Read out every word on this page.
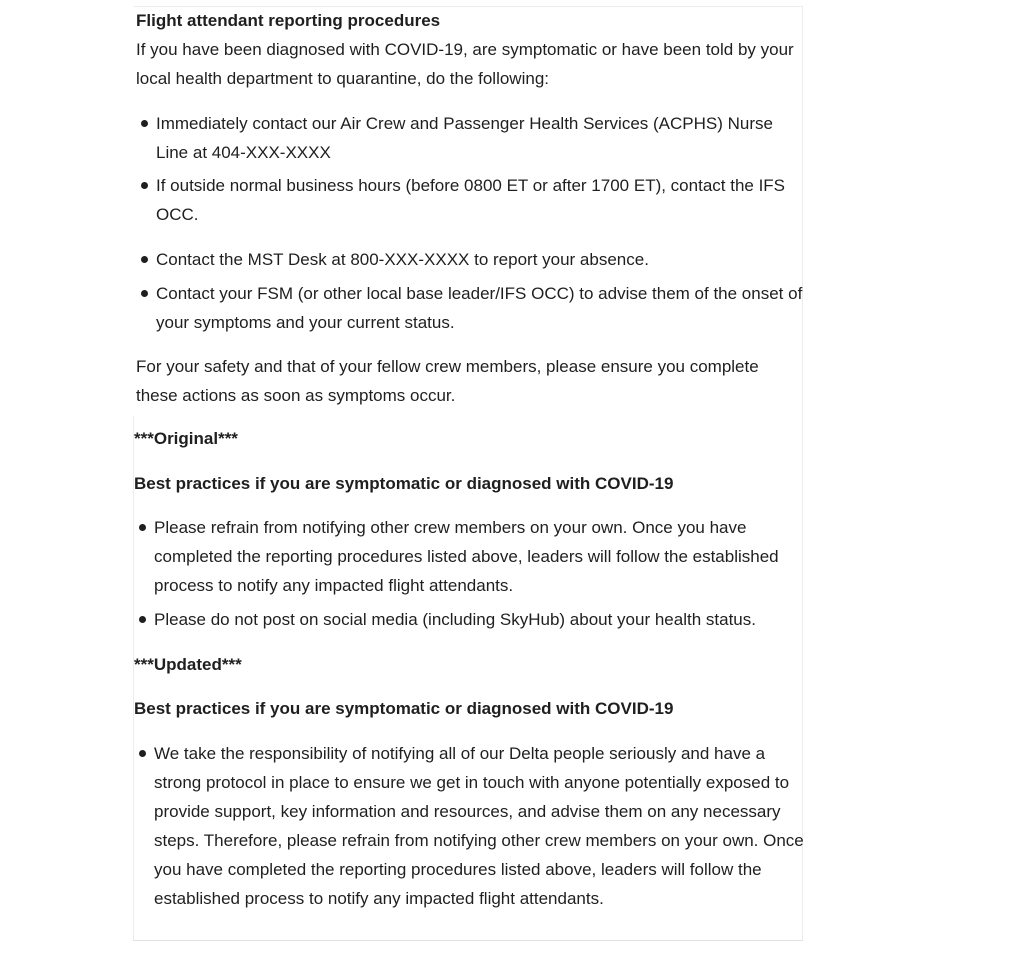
Flight attendant reporting procedures
If you have been diagnosed with COVID-19, are symptomatic or have been told by your local health department to quarantine, do the following:
Immediately contact our Air Crew and Passenger Health Services (ACPHS) Nurse Line at 404-XXX-XXXX
If outside normal business hours (before 0800 ET or after 1700 ET), contact the IFS OCC.
Contact the MST Desk at 800-XXX-XXXX to report your absence.
Contact your FSM (or other local base leader/IFS OCC) to advise them of the onset of your symptoms and your current status.
For your safety and that of your fellow crew members, please ensure you complete these actions as soon as symptoms occur.
***Original***
Best practices if you are symptomatic or diagnosed with COVID-19
Please refrain from notifying other crew members on your own. Once you have completed the reporting procedures listed above, leaders will follow the established process to notify any impacted flight attendants.
Please do not post on social media (including SkyHub) about your health status.
***Updated***
Best practices if you are symptomatic or diagnosed with COVID-19
We take the responsibility of notifying all of our Delta people seriously and have a strong protocol in place to ensure we get in touch with anyone potentially exposed to provide support, key information and resources, and advise them on any necessary steps. Therefore, please refrain from notifying other crew members on your own. Once you have completed the reporting procedures listed above, leaders will follow the established process to notify any impacted flight attendants.
